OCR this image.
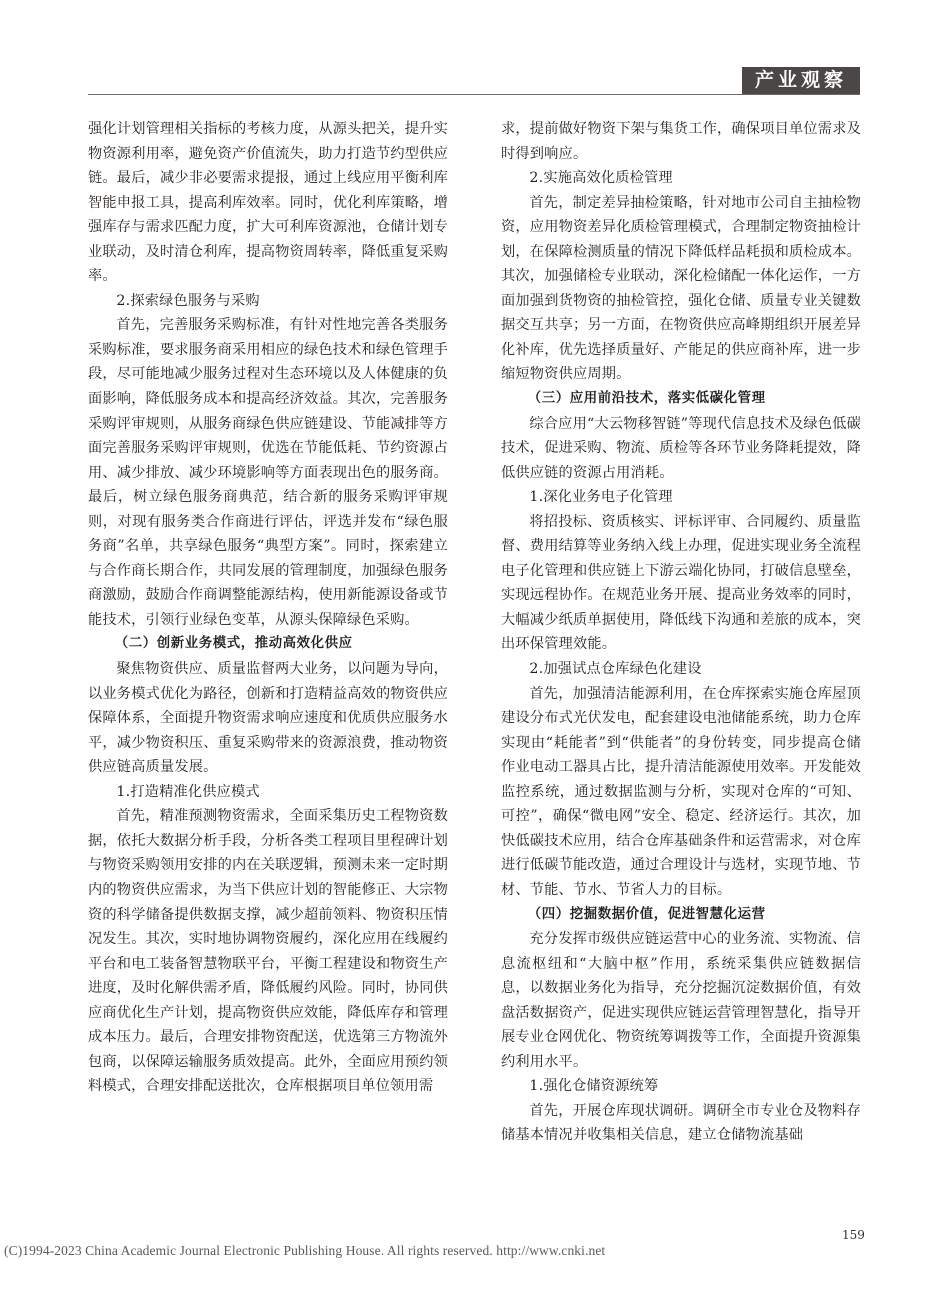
产业观察

强化计划管理相关指标的考核力度，从源头把关，提升实物资源利用率，避免资产价值流失，助力打造节约型供应链。最后，减少非必要需求提报，通过上线应用平衡利库智能申报工具，提高利库效率。同时，优化利库策略，增强库存与需求匹配力度，扩大可利库资源池，仓储计划专业联动，及时清仓利库，提高物资周转率，降低重复采购率。

2.探索绿色服务与采购

首先，完善服务采购标准，有针对性地完善各类服务采购标准，要求服务商采用相应的绿色技术和绿色管理手段，尽可能地减少服务过程对生态环境以及人体健康的负面影响，降低服务成本和提高经济效益。其次，完善服务采购评审规则，从服务商绿色供应链建设、节能减排等方面完善服务采购评审规则，优选在节能低耗、节约资源占用、减少排放、减少环境影响等方面表现出色的服务商。最后，树立绿色服务商典范，结合新的服务采购评审规则，对现有服务类合作商进行评估，评选并发布“绿色服务商”名单，共享绿色服务“典型方案”。同时，探索建立与合作商长期合作，共同发展的管理制度，加强绿色服务商激励，鼓励合作商调整能源结构，使用新能源设备或节能技术，引领行业绿色变革，从源头保障绿色采购。

（二）创新业务模式，推动高效化供应

聚焦物资供应、质量监督两大业务，以问题为导向，以业务模式优化为路径，创新和打造精益高效的物资供应保障体系，全面提升物资需求响应速度和优质供应服务水平，减少物资积压、重复采购带来的资源浪费，推动物资供应链高质量发展。

1.打造精准化供应模式

首先，精准预测物资需求，全面采集历史工程物资数据，依托大数据分析手段，分析各类工程项目里程碑计划与物资采购领用安排的内在关联逻辑，预测未来一定时期内的物资供应需求，为当下供应计划的智能修正、大宗物资的科学储备提供数据支撑，减少超前领料、物资积压情况发生。其次，实时地协调物资履约，深化应用在线履约平台和电工装备智慧物联平台，平衡工程建设和物资生产进度，及时化解供需矛盾，降低履约风险。同时，协同供应商优化生产计划，提高物资供应效能，降低库存和管理成本压力。最后，合理安排物资配送，优选第三方物流外包商，以保障运输服务质效提高。此外，全面应用预约领料模式，合理安排配送批次，仓库根据项目单位领用需

求，提前做好物资下架与集货工作，确保项目单位需求及时得到响应。

2.实施高效化质检管理

首先，制定差异抽检策略，针对地市公司自主抽检物资，应用物资差异化质检管理模式，合理制定物资抽检计划，在保障检测质量的情况下降低样品耗损和质检成本。其次，加强储检专业联动，深化检储配一体化运作，一方面加强到货物资的抽检管控，强化仓储、质量专业关键数据交互共享；另一方面，在物资供应高峰期组织开展差异化补库，优先选择质量好、产能足的供应商补库，进一步缩短物资供应周期。

（三）应用前沿技术，落实低碳化管理

综合应用“大云物移智链”等现代信息技术及绿色低碳技术，促进采购、物流、质检等各环节业务降耗提效，降低供应链的资源占用消耗。

1.深化业务电子化管理

将招投标、资质核实、评标评审、合同履约、质量监督、费用结算等业务纳入线上办理，促进实现业务全流程电子化管理和供应链上下游云端化协同，打破信息壁垒，实现远程协作。在规范业务开展、提高业务效率的同时，大幅减少纸质单据使用，降低线下沟通和差旅的成本，突出环保管理效能。

2.加强试点仓库绿色化建设

首先，加强清洁能源利用，在仓库探索实施仓库屋顶建设分布式光伏发电，配套建设电池储能系统，助力仓库实现由“耗能者”到“供能者”的身份转变，同步提高仓储作业电动工器具占比，提升清洁能源使用效率。开发能效监控系统，通过数据监测与分析，实现对仓库的“可知、可控”，确保“微电网”安全、稳定、经济运行。其次，加快低碳技术应用，结合仓库基础条件和运营需求，对仓库进行低碳节能改造，通过合理设计与选材，实现节地、节材、节能、节水、节省人力的目标。

（四）挖掘数据价值，促进智慧化运营

充分发挥市级供应链运营中心的业务流、实物流、信息流枢纽和“大脑中枢”作用，系统采集供应链数据信息，以数据业务化为指导，充分挖掘沉淀数据价值，有效盘活数据资产，促进实现供应链运营管理智慧化，指导开展专业仓网优化、物资统筹调拨等工作，全面提升资源集约利用水平。

1.强化仓储资源统筹

首先，开展仓库现状调研。调研全市专业仓及物料存储基本情况并收集相关信息，建立仓储物流基础

159
(C)1994-2023 China Academic Journal Electronic Publishing House. All rights reserved. http://www.cnki.net
